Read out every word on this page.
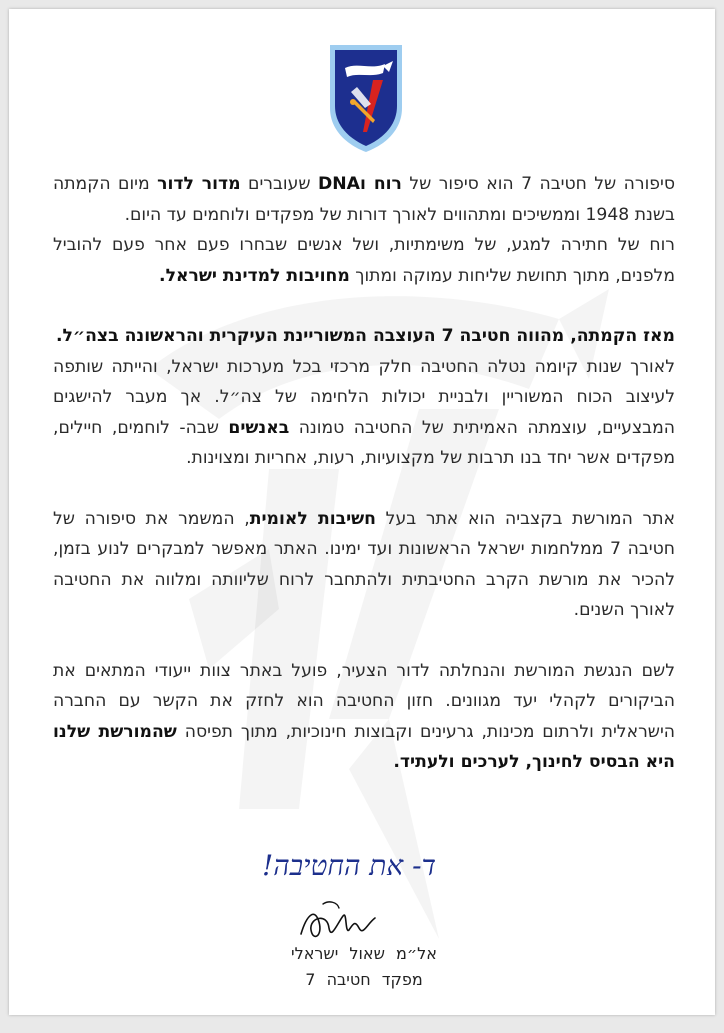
סיפורה של חטיבה 7 הוא סיפור של רוח וDNA שעוברים מדור לדור מיום הקמתה בשנת 1948 וממשיכים ומתהווים לאורך דורות של מפקדים ולוחמים עד היום.
רוח של חתירה למגע, של משימתיות, ושל אנשים שבחרו פעם אחר פעם להוביל מלפנים, מתוך תחושת שליחות עמוקה ומתוך מחויבות למדינת ישראל.

מאז הקמתה, מהווה חטיבה 7 העוצבה המשוריינת העיקרית והראשונה בצה״ל.
לאורך שנות קיומה נטלה החטיבה חלק מרכזי בכל מערכות ישראל, והייתה שותפה לעיצוב הכוח המשוריין ולבניית יכולות הלחימה של צה״ל. אך מעבר להישגים המבצעיים, עוצמתה האמיתית של החטיבה טמונה באנשים שבה- לוחמים, חיילים, מפקדים אשר יחד בנו תרבות של מקצועיות, רעות, אחריות ומצוינות.

אתר המורשת בקצביה הוא אתר בעל חשיבות לאומית, המשמר את סיפורה של חטיבה 7 ממלחמות ישראל הראשונות ועד ימינו. האתר מאפשר למבקרים לנוע בזמן, להכיר את מורשת הקרב החטיבתית ולהתחבר לרוח שליוותה ומלווה את החטיבה לאורך השנים.

לשם הנגשת המורשת והנחלתה לדור הצעיר, פועל באתר צוות ייעודי המתאים את הביקורים לקהלי יעד מגוונים. חזון החטיבה הוא לחזק את הקשר עם החברה הישראלית ולרתום מכינות, גרעינים וקבוצות חינוכיות, מתוך תפיסה שהמורשת שלנו היא הבסיס לחינוך, לערכים ולעתיד.

ד- את החטיבה!
אל״מ שאול ישראלי
מפקד חטיבה 7
